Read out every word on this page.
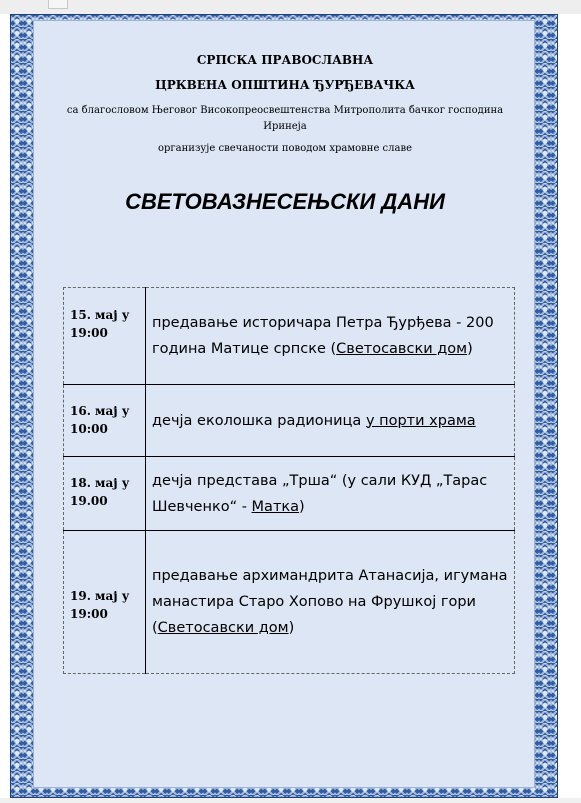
СРПСКА ПРАВОСЛАВНА
ЦРКВЕНА ОПШТИНА ЂУРЂЕВАЧКА
са благословом Његовог Високопреосвештенства Митрополита бачког господина Иринеја
организује свечаности поводом храмовне славе
СВЕТОВАЗНЕСЕЊСКИ ДАНИ
15. мај у
19:00	предавање историчара Петра Ђурђева - 200 година Матице српске (Светосавски дом)
16. мај у
10:00	дечја еколошка радионица у порти храма
18. мај у
19.00	дечја представа „Трша“ (у сали КУД „Тарас Шевченко“ - Матка)
19. мај у
19:00	предавање архимандрита Атанасија, игумана манастира Старо Хопово на Фрушкој гори (Светосавски дом)
